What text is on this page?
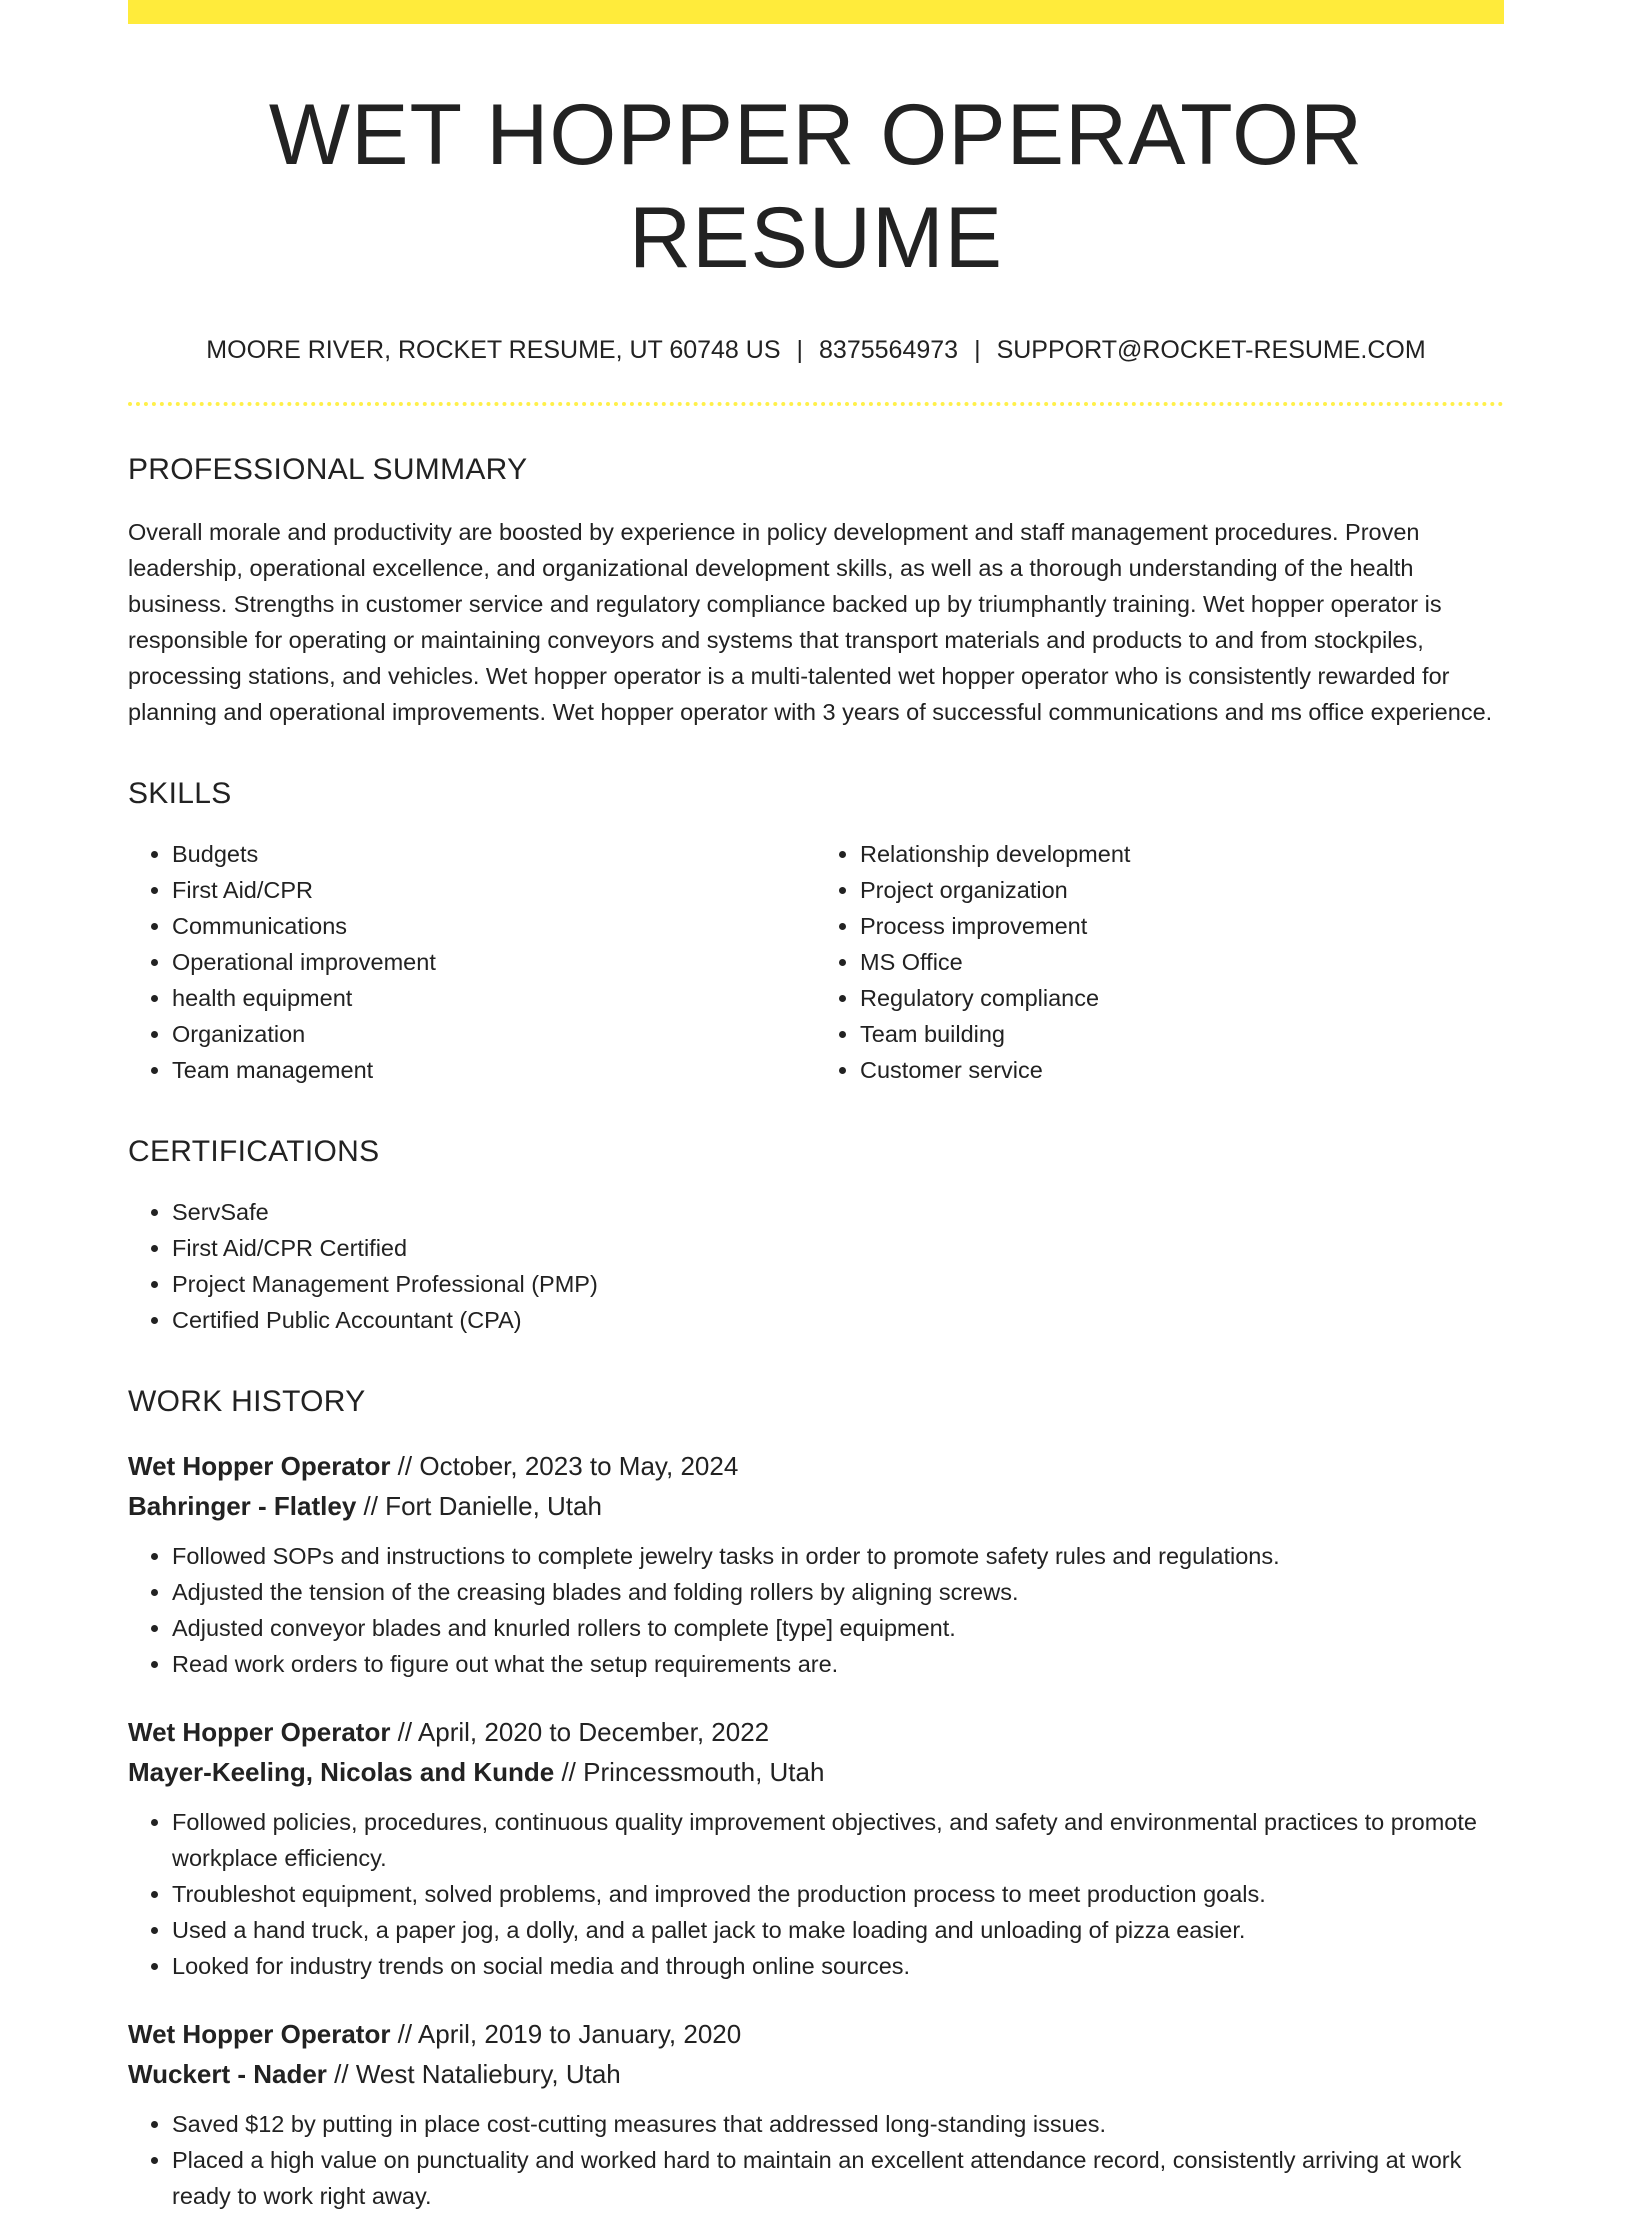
WET HOPPER OPERATOR RESUME
MOORE RIVER, ROCKET RESUME, UT 60748 US | 8375564973 | SUPPORT@ROCKET-RESUME.COM
PROFESSIONAL SUMMARY

Overall morale and productivity are boosted by experience in policy development and staff management procedures. Proven leadership, operational excellence, and organizational development skills, as well as a thorough understanding of the health business. Strengths in customer service and regulatory compliance backed up by triumphantly training. Wet hopper operator is responsible for operating or maintaining conveyors and systems that transport materials and products to and from stockpiles, processing stations, and vehicles. Wet hopper operator is a multi-talented wet hopper operator who is consistently rewarded for planning and operational improvements. Wet hopper operator with 3 years of successful communications and ms office experience.

SKILLS
• Budgets
• First Aid/CPR
• Communications
• Operational improvement
• health equipment
• Organization
• Team management
• Relationship development
• Project organization
• Process improvement
• MS Office
• Regulatory compliance
• Team building
• Customer service
CERTIFICATIONS
• ServSafe
• First Aid/CPR Certified
• Project Management Professional (PMP)
• Certified Public Accountant (CPA)
WORK HISTORY
Wet Hopper Operator // October, 2023 to May, 2024
Bahringer - Flatley // Fort Danielle, Utah
• Followed SOPs and instructions to complete jewelry tasks in order to promote safety rules and regulations.
• Adjusted the tension of the creasing blades and folding rollers by aligning screws.
• Adjusted conveyor blades and knurled rollers to complete [type] equipment.
• Read work orders to figure out what the setup requirements are.
Wet Hopper Operator // April, 2020 to December, 2022
Mayer-Keeling, Nicolas and Kunde // Princessmouth, Utah
• Followed policies, procedures, continuous quality improvement objectives, and safety and environmental practices to promote workplace efficiency.
• Troubleshot equipment, solved problems, and improved the production process to meet production goals.
• Used a hand truck, a paper jog, a dolly, and a pallet jack to make loading and unloading of pizza easier.
• Looked for industry trends on social media and through online sources.
Wet Hopper Operator // April, 2019 to January, 2020
Wuckert - Nader // West Nataliebury, Utah
• Saved $12 by putting in place cost-cutting measures that addressed long-standing issues.
• Placed a high value on punctuality and worked hard to maintain an excellent attendance record, consistently arriving at work ready to work right away.
